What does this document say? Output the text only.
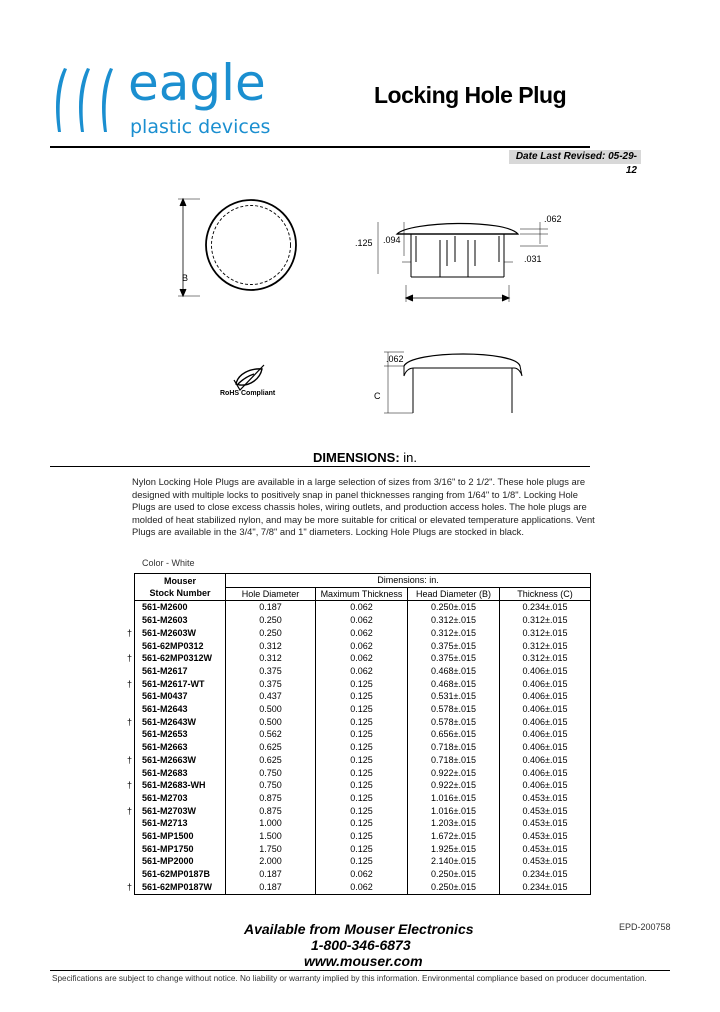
eagle
plastic devices
Locking Hole Plug
Date Last Revised: 05-29-12
B
.062
.125 .094
.031
.062
C
RoHS Compliant
DIMENSIONS: in.
Nylon Locking Hole Plugs are available in a large selection of sizes from 3/16" to 2 1/2". These hole plugs are designed with multiple locks to positively snap in panel thicknesses ranging from 1/64" to 1/8". Locking Hole Plugs are used to close excess chassis holes, wiring outlets, and production access holes. The hole plugs are molded of heat stabilized nylon, and may be more suitable for critical or elevated temperature applications. Vent Plugs are available in the 3/4", 7/8" and 1" diameters. Locking Hole Plugs are stocked in black.
Color - White
Mouser
Stock Number	Dimensions: in.			
	Hole Diameter	Maximum Thickness	Head Diameter (B)	Thickness (C)

561-M2600	0.187	0.062	0.250±.015	0.234±.015

561-M2603	0.250	0.062	0.312±.015	0.312±.015

† 561-M2603W	0.250	0.062	0.312±.015	0.312±.015

561-62MP0312	0.312	0.062	0.375±.015	0.312±.015

† 561-62MP0312W	0.312	0.062	0.375±.015	0.312±.015

561-M2617	0.375	0.062	0.468±.015	0.406±.015

† 561-M2617-WT	0.375	0.125	0.468±.015	0.406±.015

561-M0437	0.437	0.125	0.531±.015	0.406±.015

561-M2643	0.500	0.125	0.578±.015	0.406±.015

† 561-M2643W	0.500	0.125	0.578±.015	0.406±.015

561-M2653	0.562	0.125	0.656±.015	0.406±.015

561-M2663	0.625	0.125	0.718±.015	0.406±.015

† 561-M2663W	0.625	0.125	0.718±.015	0.406±.015

561-M2683	0.750	0.125	0.922±.015	0.406±.015

† 561-M2683-WH	0.750	0.125	0.922±.015	0.406±.015

561-M2703	0.875	0.125	1.016±.015	0.453±.015

† 561-M2703W	0.875	0.125	1.016±.015	0.453±.015

561-M2713	1.000	0.125	1.203±.015	0.453±.015

561-MP1500	1.500	0.125	1.672±.015	0.453±.015

561-MP1750	1.750	0.125	1.925±.015	0.453±.015

561-MP2000	2.000	0.125	2.140±.015	0.453±.015

561-62MP0187B	0.187	0.062	0.250±.015	0.234±.015

† 561-62MP0187W	0.187	0.062	0.250±.015	0.234±.015
Available from Mouser Electronics
1-800-346-6873
www.mouser.com
EPD-200758
Specifications are subject to change without notice. No liability or warranty implied by this information. Environmental compliance based on producer documentation.
